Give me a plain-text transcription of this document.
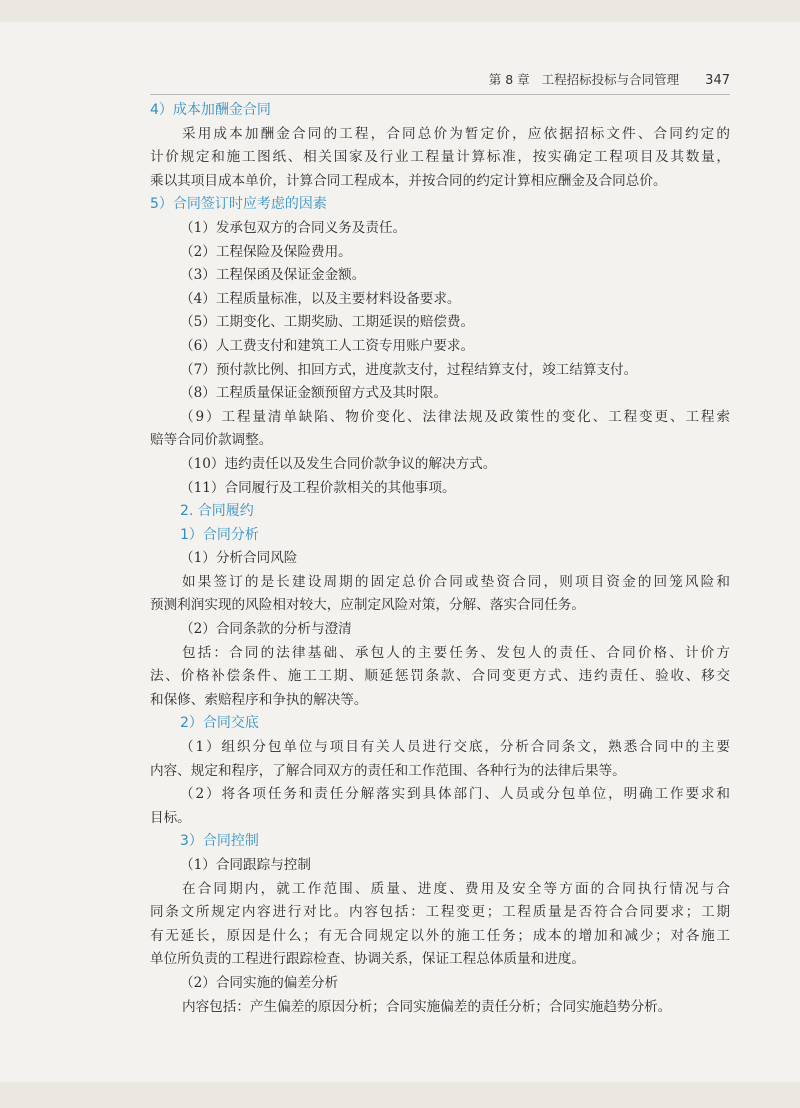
第 8 章 工程招标投标与合同管理 347
4）成本加酬金合同
采用成本加酬金合同的工程，合同总价为暂定价，应依据招标文件、合同约定的
计价规定和施工图纸、相关国家及行业工程量计算标准，按实确定工程项目及其数量，
乘以其项目成本单价，计算合同工程成本，并按合同的约定计算相应酬金及合同总价。
5）合同签订时应考虑的因素
（1）发承包双方的合同义务及责任。
（2）工程保险及保险费用。
（3）工程保函及保证金金额。
（4）工程质量标准，以及主要材料设备要求。
（5）工期变化、工期奖励、工期延误的赔偿费。
（6）人工费支付和建筑工人工资专用账户要求。
（7）预付款比例、扣回方式，进度款支付，过程结算支付，竣工结算支付。
（8）工程质量保证金额预留方式及其时限。
（9）工程量清单缺陷、物价变化、法律法规及政策性的变化、工程变更、工程索
赔等合同价款调整。
（10）违约责任以及发生合同价款争议的解决方式。
（11）合同履行及工程价款相关的其他事项。
2. 合同履约
1）合同分析
（1）分析合同风险
如果签订的是长建设周期的固定总价合同或垫资合同，则项目资金的回笼风险和
预测利润实现的风险相对较大，应制定风险对策，分解、落实合同任务。
（2）合同条款的分析与澄清
包括：合同的法律基础、承包人的主要任务、发包人的责任、合同价格、计价方
法、价格补偿条件、施工工期、顺延惩罚条款、合同变更方式、违约责任、验收、移交
和保修、索赔程序和争执的解决等。
2）合同交底
（1）组织分包单位与项目有关人员进行交底，分析合同条文，熟悉合同中的主要
内容、规定和程序，了解合同双方的责任和工作范围、各种行为的法律后果等。
（2）将各项任务和责任分解落实到具体部门、人员或分包单位，明确工作要求和
目标。
3）合同控制
（1）合同跟踪与控制
在合同期内，就工作范围、质量、进度、费用及安全等方面的合同执行情况与合
同条文所规定内容进行对比。内容包括：工程变更；工程质量是否符合合同要求；工期
有无延长，原因是什么；有无合同规定以外的施工任务；成本的增加和减少；对各施工
单位所负责的工程进行跟踪检查、协调关系，保证工程总体质量和进度。
（2）合同实施的偏差分析
内容包括：产生偏差的原因分析；合同实施偏差的责任分析；合同实施趋势分析。
